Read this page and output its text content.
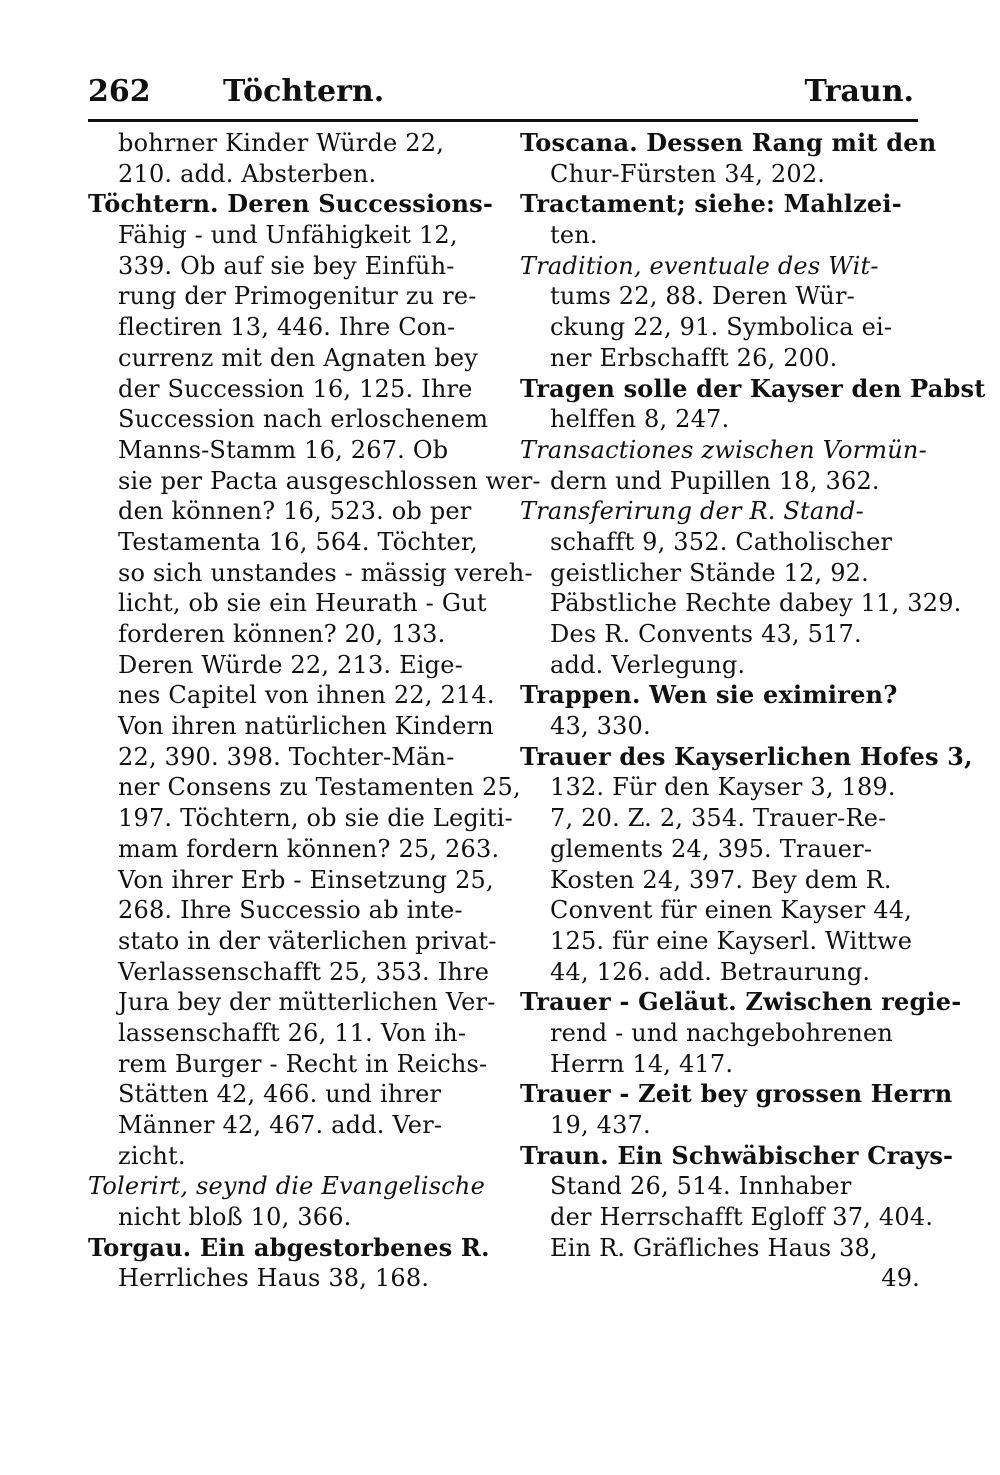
262 Töchtern.	Traun.
bohrner Kinder Würde 22,
210. add. Absterben.
Töchtern. Deren Successions-
Fähig - und Unfähigkeit 12,
339. Ob auf sie bey Einfüh-
rung der Primogenitur zu re-
flectiren 13, 446. Ihre Con-
currenz mit den Agnaten bey
der Succession 16, 125. Ihre
Succession nach erloschenem
Manns-Stamm 16, 267. Ob
sie per Pacta ausgeschlossen wer-
den können? 16, 523. ob per
Testamenta 16, 564. Töchter,
so sich unstandes - mässig vereh-
licht, ob sie ein Heurath - Gut
forderen können? 20, 133.
Deren Würde 22, 213. Eige-
nes Capitel von ihnen 22, 214.
Von ihren natürlichen Kindern
22, 390. 398. Tochter-Män-
ner Consens zu Testamenten 25,
197. Töchtern, ob sie die Legiti-
mam fordern können? 25, 263.
Von ihrer Erb - Einsetzung 25,
268. Ihre Successio ab inte-
stato in der väterlichen privat-
Verlassenschafft 25, 353. Ihre
Jura bey der mütterlichen Ver-
lassenschafft 26, 11. Von ih-
rem Burger - Recht in Reichs-
Stätten 42, 466. und ihrer
Männer 42, 467. add. Ver-
zicht.
Tolerirt, seynd die Evangelische
nicht bloß 10, 366.
Torgau. Ein abgestorbenes R.
Herrliches Haus 38, 168.
Toscana. Dessen Rang mit den
Chur-Fürsten 34, 202.
Tractament; siehe: Mahlzei-
ten.
Tradition, eventuale des Wit-
tums 22, 88. Deren Wür-
ckung 22, 91. Symbolica ei-
ner Erbschafft 26, 200.
Tragen solle der Kayser den Pabst
helffen 8, 247.
Transactiones zwischen Vormün-
dern und Pupillen 18, 362.
Transferirung der R. Stand-
schafft 9, 352. Catholischer
geistlicher Stände 12, 92.
Päbstliche Rechte dabey 11, 329.
Des R. Convents 43, 517.
add. Verlegung.
Trappen. Wen sie eximiren?
43, 330.
Trauer des Kayserlichen Hofes 3,
132. Für den Kayser 3, 189.
7, 20. Z. 2, 354. Trauer-Re-
glements 24, 395. Trauer-
Kosten 24, 397. Bey dem R.
Convent für einen Kayser 44,
125. für eine Kayserl. Wittwe
44, 126. add. Betraurung.
Trauer - Geläut. Zwischen regie-
rend - und nachgebohrenen
Herrn 14, 417.
Trauer - Zeit bey grossen Herrn
19, 437.
Traun. Ein Schwäbischer Crays-
Stand 26, 514. Innhaber
der Herrschafft Egloff 37, 404.
Ein R. Gräfliches Haus 38,
49.
